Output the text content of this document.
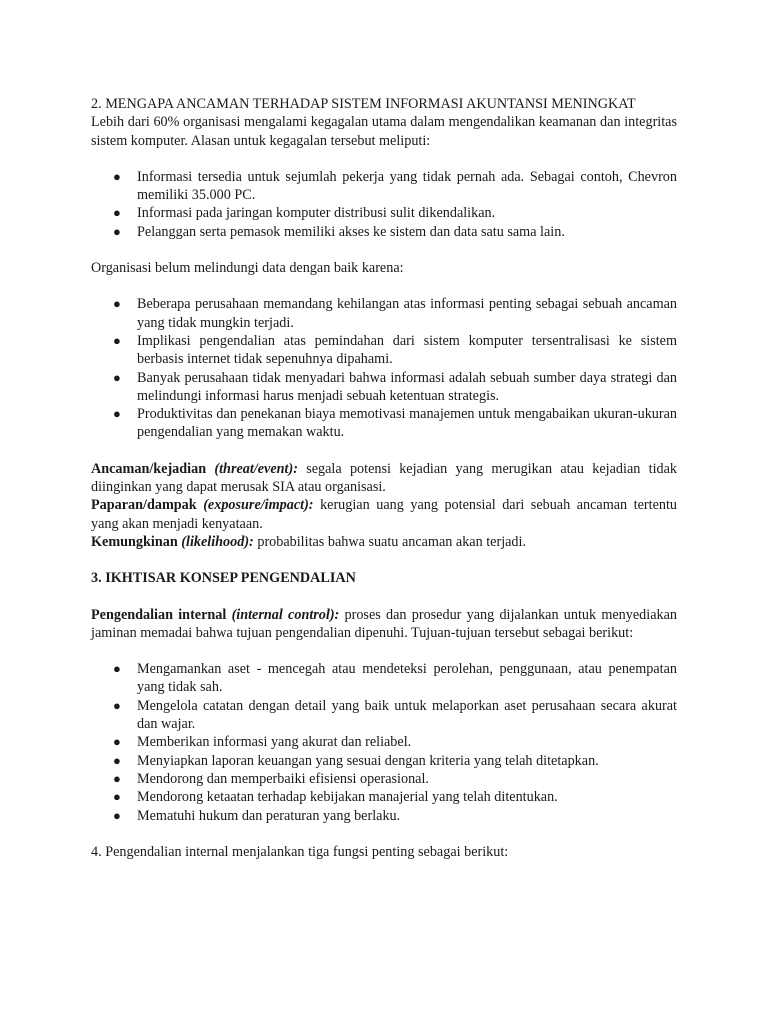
2. MENGAPA ANCAMAN TERHADAP SISTEM INFORMASI AKUNTANSI MENINGKAT

Lebih dari 60% organisasi mengalami kegagalan utama dalam mengendalikan keamanan dan integritas sistem komputer. Alasan untuk kegagalan tersebut meliputi:

● Informasi tersedia untuk sejumlah pekerja yang tidak pernah ada. Sebagai contoh, Chevron memiliki 35.000 PC.
● Informasi pada jaringan komputer distribusi sulit dikendalikan.
● Pelanggan serta pemasok memiliki akses ke sistem dan data satu sama lain.

Organisasi belum melindungi data dengan baik karena:

● Beberapa perusahaan memandang kehilangan atas informasi penting sebagai sebuah ancaman yang tidak mungkin terjadi.
● Implikasi pengendalian atas pemindahan dari sistem komputer tersentralisasi ke sistem berbasis internet tidak sepenuhnya dipahami.
● Banyak perusahaan tidak menyadari bahwa informasi adalah sebuah sumber daya strategi dan melindungi informasi harus menjadi sebuah ketentuan strategis.
● Produktivitas dan penekanan biaya memotivasi manajemen untuk mengabaikan ukuran-ukuran pengendalian yang memakan waktu.

Ancaman/kejadian (threat/event): segala potensi kejadian yang merugikan atau kejadian tidak diinginkan yang dapat merusak SIA atau organisasi.

Paparan/dampak (exposure/impact): kerugian uang yang potensial dari sebuah ancaman tertentu yang akan menjadi kenyataan.

Kemungkinan (likelihood): probabilitas bahwa suatu ancaman akan terjadi.

3. IKHTISAR KONSEP PENGENDALIAN

Pengendalian internal (internal control): proses dan prosedur yang dijalankan untuk menyediakan jaminan memadai bahwa tujuan pengendalian dipenuhi. Tujuan-tujuan tersebut sebagai berikut:

● Mengamankan aset - mencegah atau mendeteksi perolehan, penggunaan, atau penempatan yang tidak sah.
● Mengelola catatan dengan detail yang baik untuk melaporkan aset perusahaan secara akurat dan wajar.
● Memberikan informasi yang akurat dan reliabel.
● Menyiapkan laporan keuangan yang sesuai dengan kriteria yang telah ditetapkan.
● Mendorong dan memperbaiki efisiensi operasional.
● Mendorong ketaatan terhadap kebijakan manajerial yang telah ditentukan.
● Mematuhi hukum dan peraturan yang berlaku.

4. Pengendalian internal menjalankan tiga fungsi penting sebagai berikut:
